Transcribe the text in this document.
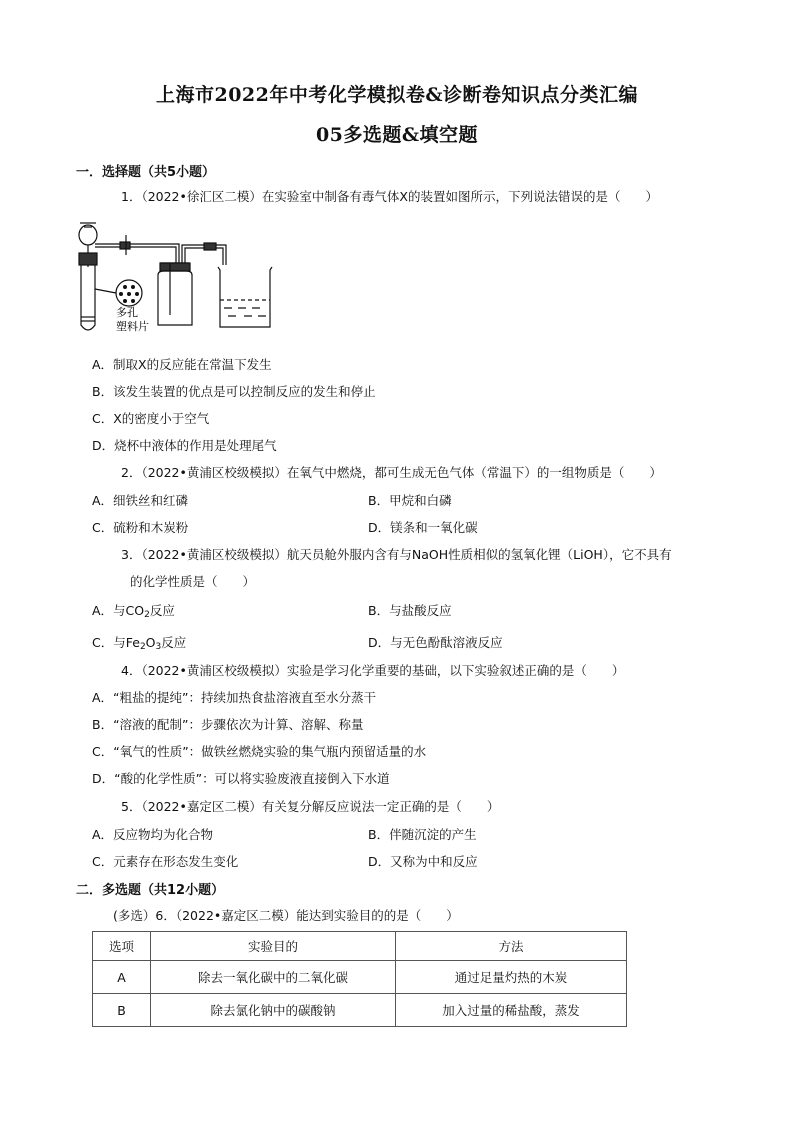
上海市2022年中考化学模拟卷&诊断卷知识点分类汇编
05多选题&填空题
一．选择题（共5小题）
1．（2022•徐汇区二模）在实验室中制备有毒气体X的装置如图所示，下列说法错误的是（　　）
多孔
塑料片
A．制取X的反应能在常温下发生
B．该发生装置的优点是可以控制反应的发生和停止
C．X的密度小于空气
D．烧杯中液体的作用是处理尾气
2．（2022•黄浦区校级模拟）在氧气中燃烧，都可生成无色气体（常温下）的一组物质是（　　）
A．细铁丝和红磷	B．甲烷和白磷
C．硫粉和木炭粉	D．镁条和一氧化碳
3．（2022•黄浦区校级模拟）航天员舱外服内含有与NaOH性质相似的氢氧化锂（LiOH），它不具有
的化学性质是（　　）
A．与$CO_2$反应	B．与盐酸反应
C．与$Fe_2O_3$反应	D．与无色酚酞溶液反应
4．（2022•黄浦区校级模拟）实验是学习化学重要的基础，以下实验叙述正确的是（　　）
A．“粗盐的提纯”：持续加热食盐溶液直至水分蒸干
B．“溶液的配制”：步骤依次为计算、溶解、称量
C．“氧气的性质”：做铁丝燃烧实验的集气瓶内预留适量的水
D．“酸的化学性质”：可以将实验废液直接倒入下水道
5．（2022•嘉定区二模）有关复分解反应说法一定正确的是（　　）
A．反应物均为化合物	B．伴随沉淀的产生
C．元素存在形态发生变化	D．又称为中和反应
二．多选题（共12小题）
(多选）6．（2022•嘉定区二模）能达到实验目的的是（　　）
选项	实验目的	方法
A	除去一氧化碳中的二氧化碳	通过足量灼热的木炭
B	除去氯化钠中的碳酸钠	加入过量的稀盐酸，蒸发
